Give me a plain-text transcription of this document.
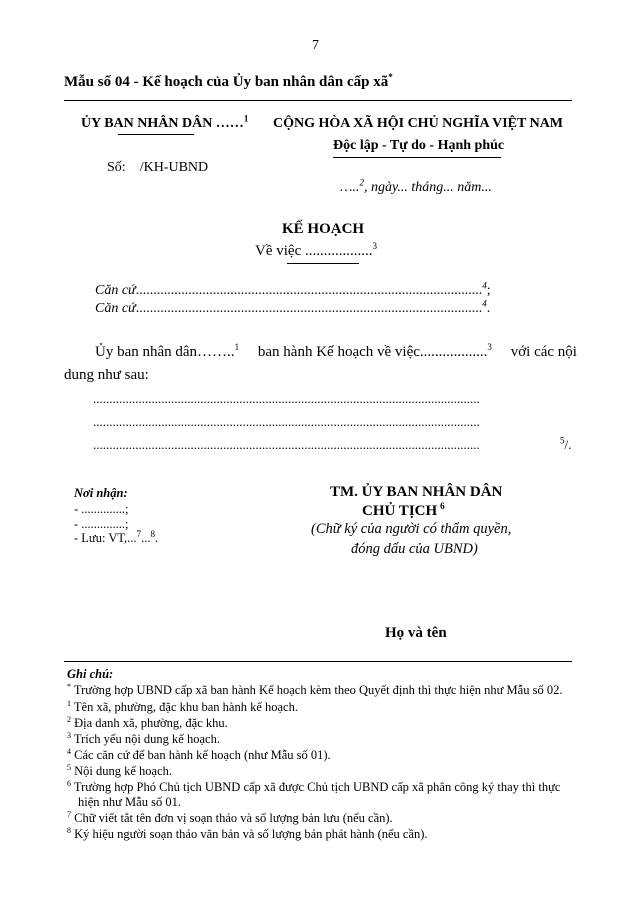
7
Mẫu số 04 - Kế hoạch của Ủy ban nhân dân cấp xã*
ỦY BAN NHÂN DÂN ……$^1$ CỘNG HÒA XÃ HỘI CHỦ NGHĨA VIỆT NAM
Độc lập - Tự do - Hạnh phúc
Số: /KH-UBND
…..$^2$, ngày... tháng... năm...
KẾ HOẠCH
Về việc ..................$^3$
Căn cứ...................................................................................................$^4$;
Căn cứ...................................................................................................$^4$.
Ủy ban nhân dân……..$^1$ ban hành Kế hoạch về việc..................$^3$ với các nội
dung như sau:
.......................................................................................................................
.......................................................................................................................
.......................................................................................................................	$^5$/.
Nơi nhận:
- ..............;
- ..............;
- Lưu: VT,...$^7$...$^8$.
TM. ỦY BAN NHÂN DÂN
CHỦ TỊCH $^6$
(Chữ ký của người có thẩm quyền,
đóng dấu của UBND)
Họ và tên
Ghi chú:
* Trường hợp UBND cấp xã ban hành Kế hoạch kèm theo Quyết định thì thực hiện như Mẫu số 02.
$^1$ Tên xã, phường, đặc khu ban hành kế hoạch.
$^2$ Địa danh xã, phường, đặc khu.
$^3$ Trích yếu nội dung kế hoạch.
$^4$ Các căn cứ để ban hành kế hoạch (như Mẫu số 01).
$^5$ Nội dung kế hoạch.
$^6$ Trường hợp Phó Chủ tịch UBND cấp xã được Chủ tịch UBND cấp xã phân công ký thay thì thực
hiện như Mẫu số 01.
$^7$ Chữ viết tắt tên đơn vị soạn thảo và số lượng bản lưu (nếu cần).
$^8$ Ký hiệu người soạn thảo văn bản và số lượng bản phát hành (nếu cần).
